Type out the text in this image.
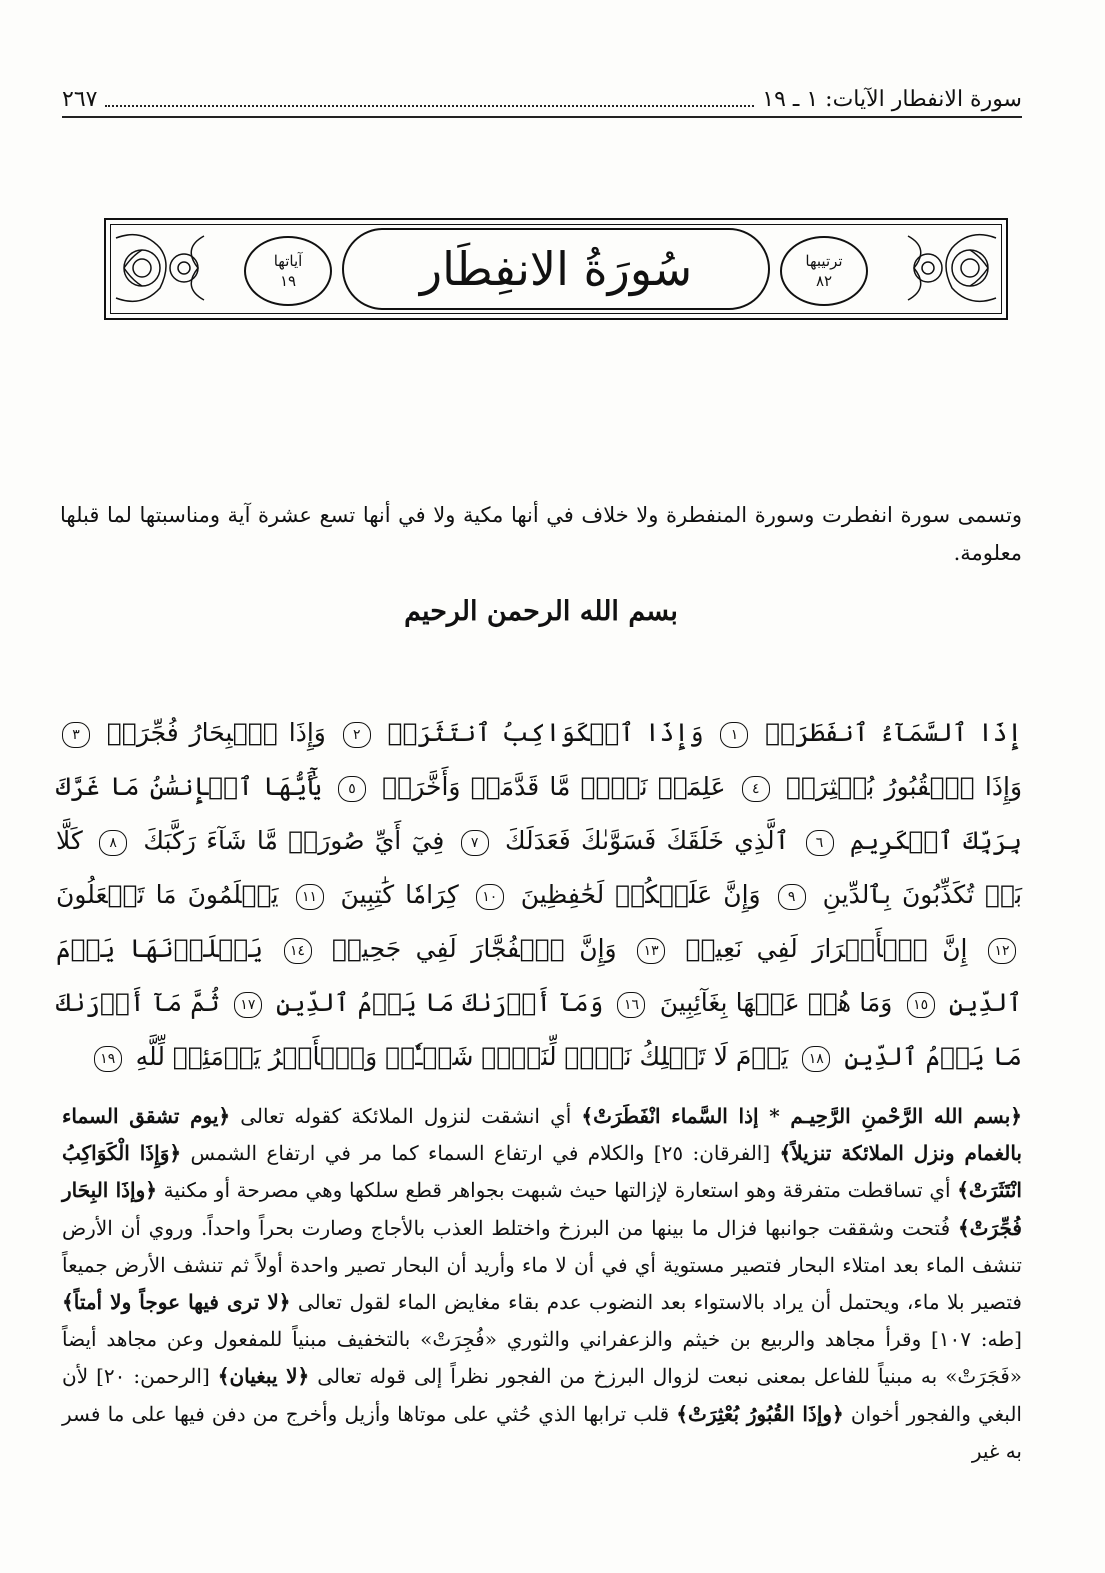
سورة الانفطار الآيات: ١ ـ ١٩
٢٦٧
ترتيبها
٨٢
آياتها
١٩	سُورَةُ الانفِطَار
وتسمى سورة انفطرت وسورة المنفطرة ولا خلاف في أنها مكية ولا في أنها تسع عشرة آية ومناسبتها لما قبلها معلومة.
بسم الله الرحمن الرحيم
إِذَا ٱلسَّمَآءُ ٱنفَطَرَتۡ ١ وَإِذَا ٱلۡكَوَاكِبُ ٱنتَثَرَتۡ ٢ وَإِذَا ٱلۡبِحَارُ فُجِّرَتۡ ٣ وَإِذَا ٱلۡقُبُورُ بُعۡثِرَتۡ ٤ عَلِمَتۡ نَفۡسٞ مَّا قَدَّمَتۡ وَأَخَّرَتۡ ٥ يَٰٓأَيُّهَا ٱلۡإِنسَٰنُ مَا غَرَّكَ بِرَبِّكَ ٱلۡكَرِيمِ ٦ ٱلَّذِي خَلَقَكَ فَسَوَّىٰكَ فَعَدَلَكَ ٧ فِيٓ أَيِّ صُورَةٖ مَّا شَآءَ رَكَّبَكَ ٨ كَلَّا بَلۡ تُكَذِّبُونَ بِٱلدِّينِ ٩ وَإِنَّ عَلَيۡكُمۡ لَحَٰفِظِينَ ١٠ كِرَامٗا كَٰتِبِينَ ١١ يَعۡلَمُونَ مَا تَفۡعَلُونَ ١٢ إِنَّ ٱلۡأَبۡرَارَ لَفِي نَعِيمٖ ١٣ وَإِنَّ ٱلۡفُجَّارَ لَفِي جَحِيمٖ ١٤ يَصۡلَوۡنَهَا يَوۡمَ ٱلدِّينِ ١٥ وَمَا هُمۡ عَنۡهَا بِغَآئِبِينَ ١٦ وَمَآ أَدۡرَىٰكَ مَا يَوۡمُ ٱلدِّينِ ١٧ ثُمَّ مَآ أَدۡرَىٰكَ مَا يَوۡمُ ٱلدِّينِ ١٨ يَوۡمَ لَا تَمۡلِكُ نَفۡسٞ لِّنَفۡسٖ شَيۡـٔٗاۖ وَٱلۡأَمۡرُ يَوۡمَئِذٖ لِّلَّهِ ١٩

﴿بسم الله الرَّحْمنِ الرَّحِيـم * إذا السَّماء انْفَطَرَتْ﴾ أي انشقت لنزول الملائكة كقوله تعالى ﴿يوم تشقق السماء بالغمام ونزل الملائكة تنزيلاً﴾ [الفرقان: ٢٥] والكلام في ارتفاع السماء كما مر في ارتفاع الشمس ﴿وَإِذَا الْكَوَاكِبُ انْتَثَرَتْ﴾ أي تساقطت متفرقة وهو استعارة لإزالتها حيث شبهت بجواهر قطع سلكها وهي مصرحة أو مكنية ﴿وإذَا البِحَار فُجِّرَتْ﴾ فُتحت وشققت جوانبها فزال ما بينها من البرزخ واختلط العذب بالأجاج وصارت بحراً واحداً. وروي أن الأرض تنشف الماء بعد امتلاء البحار فتصير مستوية أي في أن لا ماء وأريد أن البحار تصير واحدة أولاً ثم تنشف الأرض جميعاً فتصير بلا ماء، ويحتمل أن يراد بالاستواء بعد النضوب عدم بقاء مغايض الماء لقول تعالى ﴿لا ترى فيها عوجاً ولا أمتاً﴾ [طه: ١٠٧] وقرأ مجاهد والربيع بن خيثم والزعفراني والثوري «فُجِرَتْ» بالتخفيف مبنياً للمفعول وعن مجاهد أيضاً «فَجَرَتْ» به مبنياً للفاعل بمعنى نبعت لزوال البرزخ من الفجور نظراً إلى قوله تعالى ﴿لا يبغيان﴾ [الرحمن: ٢٠] لأن البغي والفجور أخوان ﴿وإذَا القُبُورُ بُعْثِرَتْ﴾ قلب ترابها الذي حُثي على موتاها وأزيل وأخرج من دفن فيها على ما فسر به غير
